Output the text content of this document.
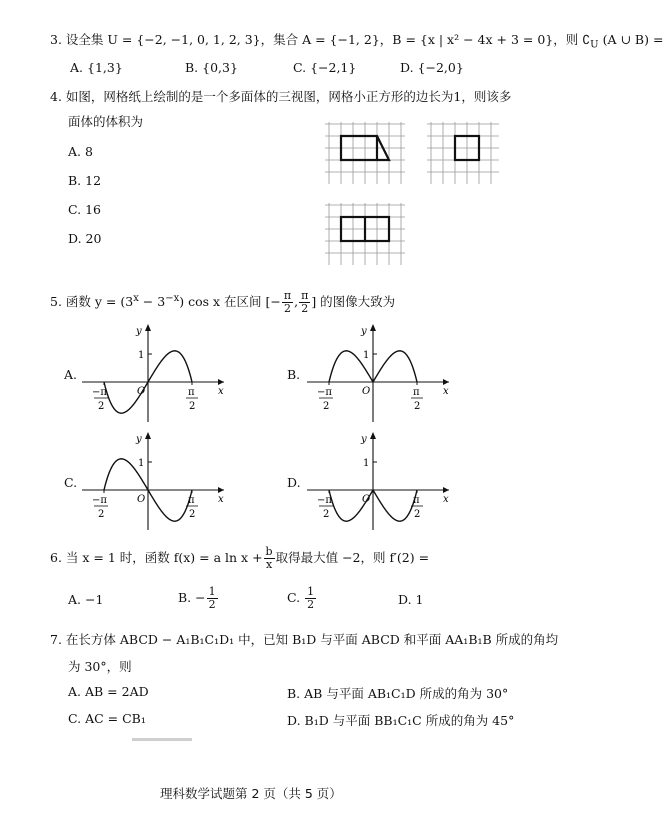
3. 设全集 U = {−2, −1, 0, 1, 2, 3}，集合 A = {−1, 2}，B = {x | x² − 4x + 3 = 0}，则 $∁_U$ (A ∪ B) =
A. {1,3}	B. {0,3}	C. {−2,1}	D. {−2,0}
4. 如图，网格纸上绘制的是一个多面体的三视图，网格小正方形的边长为1，则该多
面体的体积为
A. 8
B. 12
C. 16
D. 20
5. 函数 $y = (3^x - 3^{-x})$ cos x 在区间 [− $\frac{\pi}{2}$ , $\frac{\pi}{2}$ ] 的图像大致为
A.	B.
C.	D.
y
x
O
1
−π
2
π
2
y
x
O
1
−π
2
π
2
y
x
O
1
−π
2
π
2
y
x
O
1
−π
2
π
2
6. 当 x = 1 时，函数 f(x) = a $\ln x + \frac{b}{x}$ 取得最大值 −2，则 f′(2) =
A. −1	B. − $\frac{1}{2}$	C. $\frac{1}{2}$	D. 1
7. 在长方体 ABCD − A₁B₁C₁D₁ 中，已知 B₁D 与平面 ABCD 和平面 AA₁B₁B 所成的角均
为 30°，则
A. AB = 2AD	B. AB 与平面 AB₁C₁D 所成的角为 30°
C. AC = CB₁	D. B₁D 与平面 BB₁C₁C 所成的角为 45°
理科数学试题第 2 页（共 5 页）
